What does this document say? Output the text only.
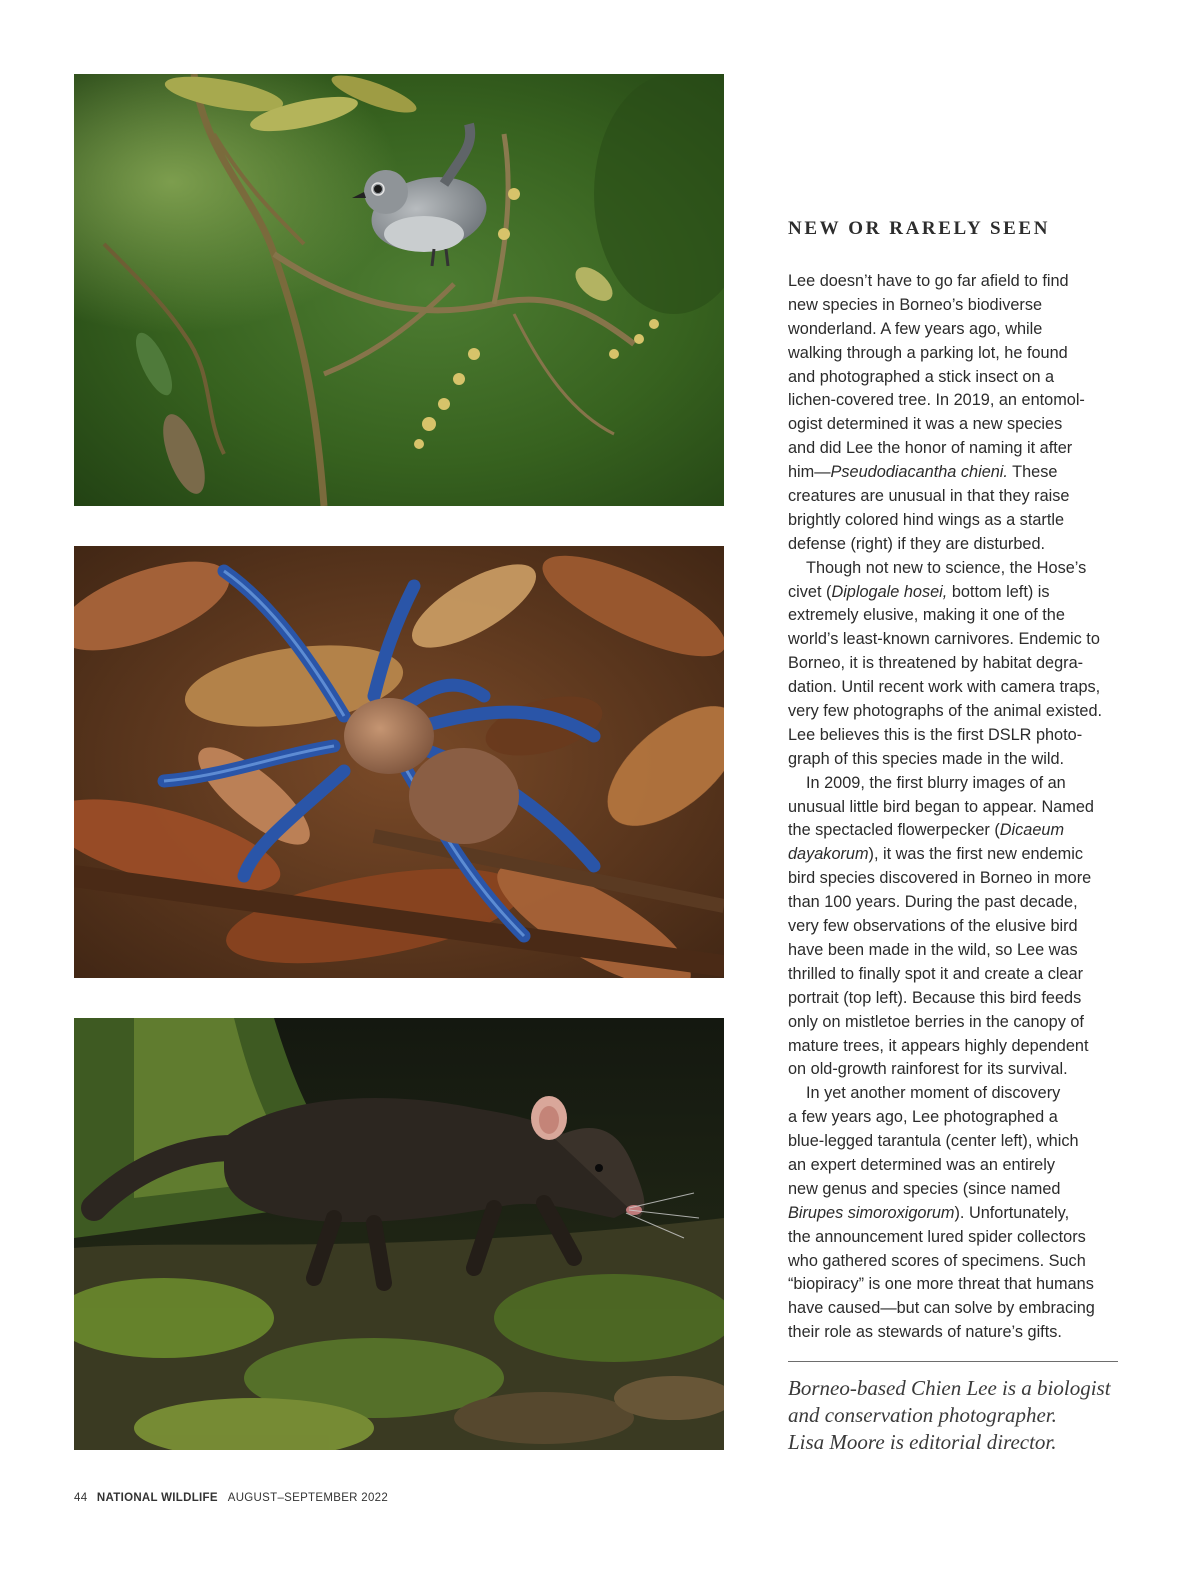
NEW OR RARELY SEEN
Lee doesn’t have to go far afield to find
new species in Borneo’s biodiverse
wonderland. A few years ago, while
walking through a parking lot, he found
and photographed a stick insect on a
lichen-covered tree. In 2019, an entomol-
ogist determined it was a new species
and did Lee the honor of naming it after
him—Pseudodiacantha chieni. These
creatures are unusual in that they raise
brightly colored hind wings as a startle
defense (right) if they are disturbed.
Though not new to science, the Hose’s
civet (Diplogale hosei, bottom left) is
extremely elusive, making it one of the
world’s least-known carnivores. Endemic to
Borneo, it is threatened by habitat degra-
dation. Until recent work with camera traps,
very few photographs of the animal existed.
Lee believes this is the first DSLR photo-
graph of this species made in the wild.
In 2009, the first blurry images of an
unusual little bird began to appear. Named
the spectacled flowerpecker (Dicaeum
dayakorum), it was the first new endemic
bird species discovered in Borneo in more
than 100 years. During the past decade,
very few observations of the elusive bird
have been made in the wild, so Lee was
thrilled to finally spot it and create a clear
portrait (top left). Because this bird feeds
only on mistletoe berries in the canopy of
mature trees, it appears highly dependent
on old-growth rainforest for its survival.
In yet another moment of discovery
a few years ago, Lee photographed a
blue-legged tarantula (center left), which
an expert determined was an entirely
new genus and species (since named
Birupes simoroxigorum). Unfortunately,
the announcement lured spider collectors
who gathered scores of specimens. Such
“biopiracy” is one more threat that humans
have caused—but can solve by embracing
their role as stewards of nature’s gifts.
Borneo-based Chien Lee is a biologist
and conservation photographer.
Lisa Moore is editorial director.
44 NATIONAL WILDLIFE AUGUST–SEPTEMBER 2022
